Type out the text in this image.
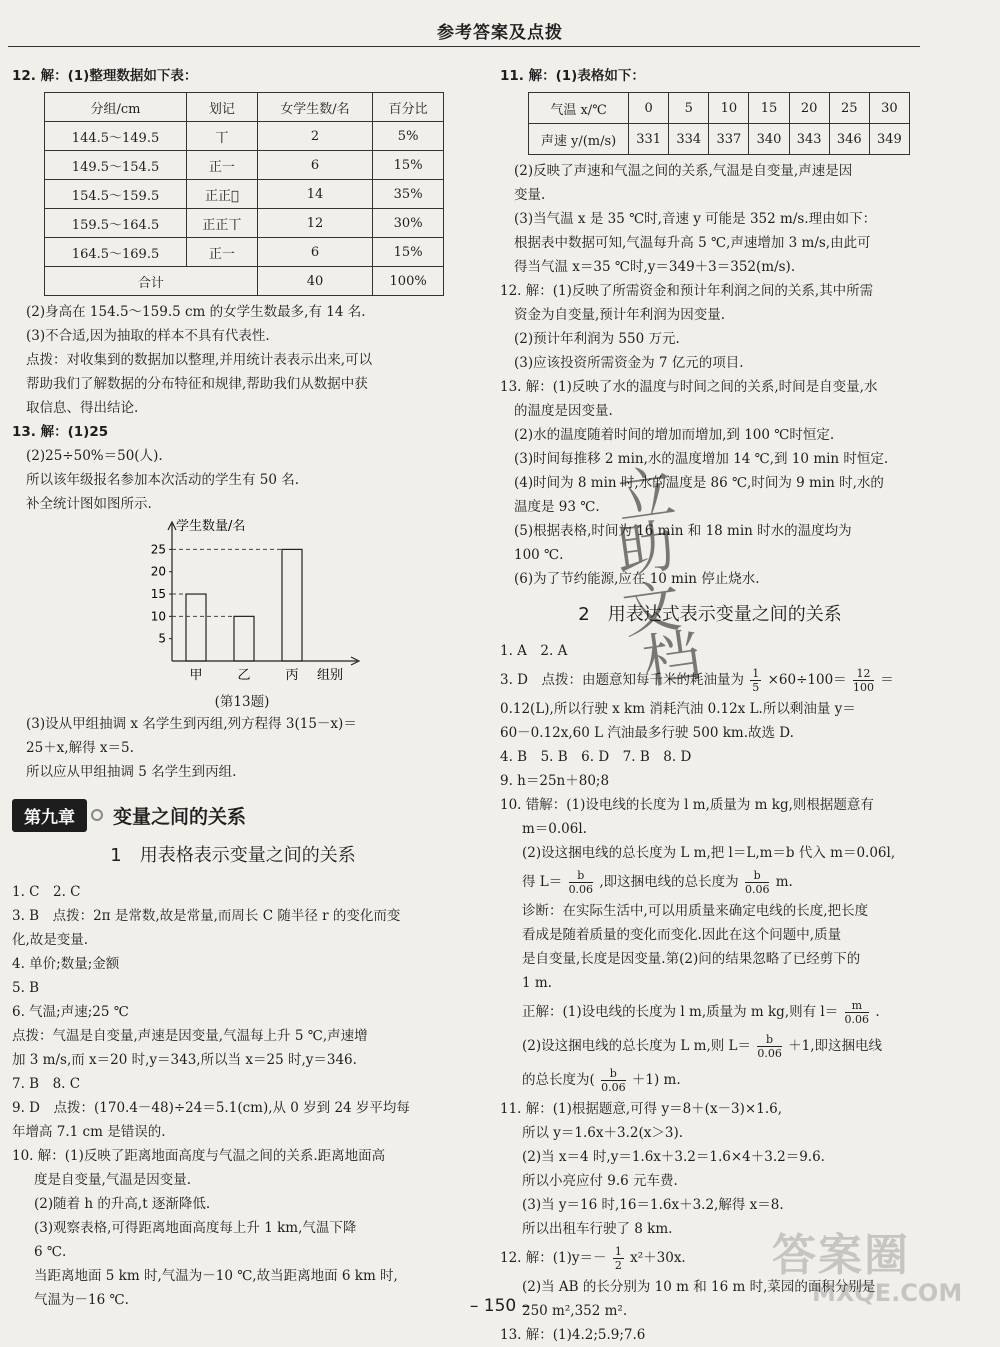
参考答案及点拨

12. 解：(1)整理数据如下表：

分组/cm	划记	女学生数/名	百分比
144.5～149.5	丅	2	5%
149.5～154.5	正一	6	15%
154.5～159.5	正正𠀆	14	35%
159.5～164.5	正正丅	12	30%
164.5～169.5	正一	6	15%
合计		40	100%

(2)身高在 154.5～159.5 cm 的女学生数最多,有 14 名.

(3)不合适,因为抽取的样本不具有代表性.

点拨：对收集到的数据加以整理,并用统计表表示出来,可以

帮助我们了解数据的分布特征和规律,帮助我们从数据中获

取信息、得出结论.

13. 解：(1)25

(2)25÷50%＝50(人).

所以该年级报名参加本次活动的学生有 50 名.

补全统计图如图所示.

学生数量/名
组别
5
10
15
20
25
甲	乙	丙
(第13题)

(3)设从甲组抽调 x 名学生到丙组,列方程得 3(15－x)＝

25＋x,解得 x＝5.

所以应从甲组抽调 5 名学生到丙组.

第九章	变量之间的关系
1　用表格表示变量之间的关系

1. C　2. C

3. B　点拨：2π 是常数,故是常量,而周长 C 随半径 r 的变化而变

化,故是变量.

4. 单价;数量;金额

5. B

6. 气温;声速;25 ℃

点拨：气温是自变量,声速是因变量,气温每上升 5 ℃,声速增

加 3 m/s,而 x＝20 时,y＝343,所以当 x＝25 时,y＝346.

7. B　8. C

9. D　点拨：(170.4－48)÷24＝5.1(cm),从 0 岁到 24 岁平均每

年增高 7.1 cm 是错误的.

10. 解：(1)反映了距离地面高度与气温之间的关系.距离地面高

度是自变量,气温是因变量.

(2)随着 h 的升高,t 逐渐降低.

(3)观察表格,可得距离地面高度每上升 1 km,气温下降

6 ℃.

当距离地面 5 km 时,气温为－10 ℃,故当距离地面 6 km 时,

气温为－16 ℃.

11. 解：(1)表格如下：

气温 x/℃	0	5	10	15	20	25	30
声速 y/(m/s)	331	334	337	340	343	346	349

(2)反映了声速和气温之间的关系,气温是自变量,声速是因

变量.

(3)当气温 x 是 35 ℃时,音速 y 可能是 352 m/s.理由如下：

根据表中数据可知,气温每升高 5 ℃,声速增加 3 m/s,由此可

得当气温 x＝35 ℃时,y＝349＋3＝352(m/s).

12. 解：(1)反映了所需资金和预计年利润之间的关系,其中所需

资金为自变量,预计年利润为因变量.

(2)预计年利润为 550 万元.

(3)应该投资所需资金为 7 亿元的项目.

13. 解：(1)反映了水的温度与时间之间的关系,时间是自变量,水

的温度是因变量.

(2)水的温度随着时间的增加而增加,到 100 ℃时恒定.

(3)时间每推移 2 min,水的温度增加 14 ℃,到 10 min 时恒定.

(4)时间为 8 min 时,水的温度是 86 ℃,时间为 9 min 时,水的

温度是 93 ℃.

(5)根据表格,时间为 16 min 和 18 min 时水的温度均为

100 ℃.

(6)为了节约能源,应在 10 min 停止烧水.

2　用表达式表示变量之间的关系

1. A　2. A

3. D　点拨：由题意知每千米的耗油量为 $\frac{1}{5} \times 60\div 100= \frac{12}{100}$ ＝

0.12(L),所以行驶 x km 消耗汽油 0.12x L.所以剩油量 y＝

60－0.12x,60 L 汽油最多行驶 500 km.故选 D.

4. B　5. B　6. D　7. B　8. D

9. h＝25n＋80;8

10. 错解：(1)设电线的长度为 l m,质量为 m kg,则根据题意有

m＝0.06l.

(2)设这捆电线的总长度为 L m,把 l＝L,m＝b 代入 m＝0.06l,

得 $L= \frac{b}{0.06}$ ,即这捆电线的总长度为 $\frac{b}{0.06} m$.

诊断：在实际生活中,可以用质量来确定电线的长度,把长度

看成是随着质量的变化而变化.因此在这个问题中,质量

是自变量,长度是因变量.第(2)问的结果忽略了已经剪下的

1 m.

正解：(1)设电线的长度为 l m,质量为 m kg,则有 $l= \frac{m}{0.06}$ .

(2)设这捆电线的总长度为 L m,则 $L= \frac{b}{0.06} +1$,即这捆电线

的总长度为( $\frac{b}{0.06} +1$) m.

11. 解：(1)根据题意,可得 y＝8＋(x－3)×1.6,

所以 y＝1.6x＋3.2(x＞3).

(2)当 x＝4 时,y＝1.6x＋3.2＝1.6×4＋3.2＝9.6.

所以小亮应付 9.6 元车费.

(3)当 y＝16 时,16＝1.6x＋3.2,解得 x＝8.

所以出租车行驶了 8 km.

12. 解：$(1)y=- \frac{1}{2} x^2+30x$.

(2)当 AB 的长分别为 10 m 和 16 m 时,菜园的面积分别是

250 m²,352 m².

13. 解：(1)4.2;5.9;7.6

立
助
文
档
– 150 –
答案圈
MXQE.COM
